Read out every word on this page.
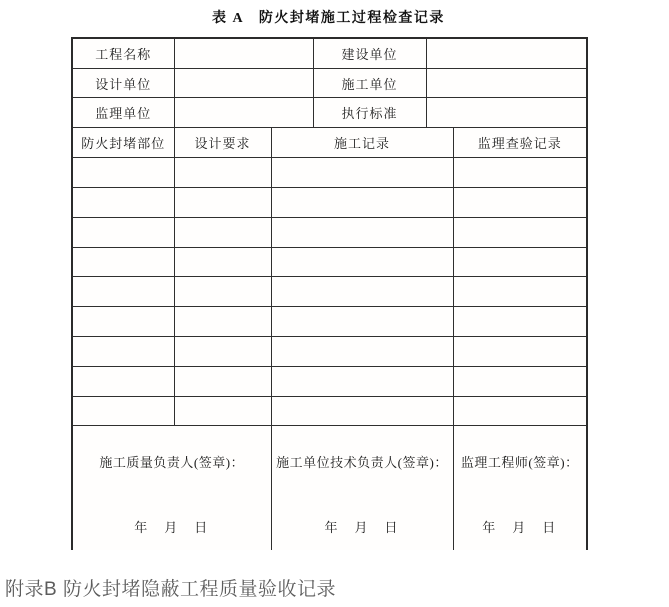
表 A　防火封堵施工过程检查记录
工程名称		建设单位	
设计单位		施工单位	
监理单位		执行标准	
防火封堵部位	设计要求	施工记录	监理查验记录

施工质量负责人(签章)：
年　月　日

施工单位技术负责人(签章)：
年　月　日

监理工程师(签章)：
年　月　日
附录B 防火封堵隐蔽工程质量验收记录
